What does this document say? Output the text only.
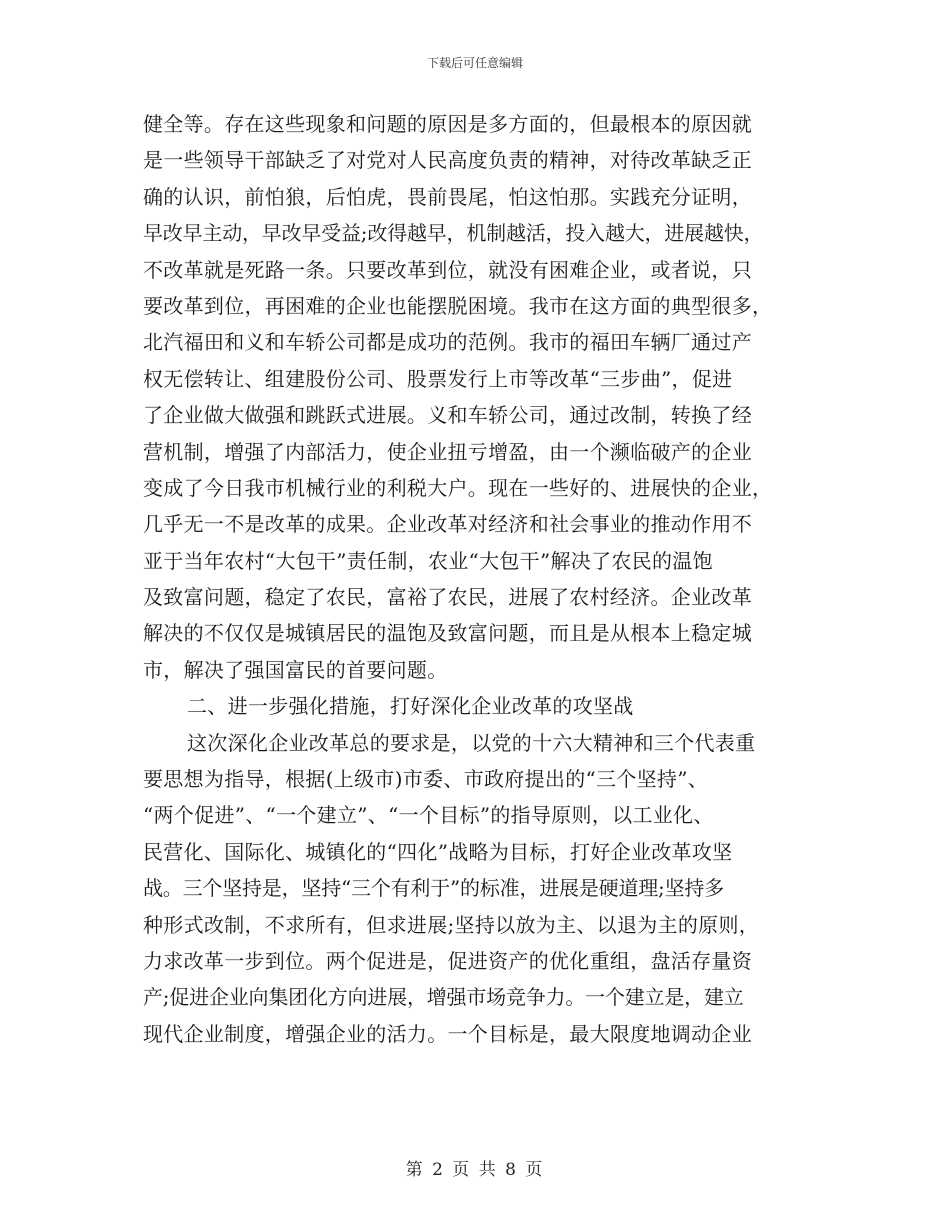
下载后可任意编辑
健全等。存在这些现象和问题的原因是多方面的，但最根本的原因就
是一些领导干部缺乏了对党对人民高度负责的精神，对待改革缺乏正
确的认识，前怕狼，后怕虎，畏前畏尾，怕这怕那。实践充分证明，
早改早主动，早改早受益;改得越早，机制越活，投入越大，进展越快，
不改革就是死路一条。只要改革到位，就没有困难企业，或者说，只
要改革到位，再困难的企业也能摆脱困境。我市在这方面的典型很多，
北汽福田和义和车轿公司都是成功的范例。我市的福田车辆厂通过产
权无偿转让、组建股份公司、股票发行上市等改革“三步曲”，促进
了企业做大做强和跳跃式进展。义和车轿公司，通过改制，转换了经
营机制，增强了内部活力，使企业扭亏增盈，由一个濒临破产的企业
变成了今日我市机械行业的利税大户。现在一些好的、进展快的企业，
几乎无一不是改革的成果。企业改革对经济和社会事业的推动作用不
亚于当年农村“大包干”责任制，农业“大包干”解决了农民的温饱
及致富问题，稳定了农民，富裕了农民，进展了农村经济。企业改革
解决的不仅仅是城镇居民的温饱及致富问题，而且是从根本上稳定城
市，解决了强国富民的首要问题。
二、进一步强化措施，打好深化企业改革的攻坚战
这次深化企业改革总的要求是，以党的十六大精神和三个代表重
要思想为指导，根据(上级市)市委、市政府提出的“三个坚持”、
“两个促进”、“一个建立”、“一个目标”的指导原则，以工业化、
民营化、国际化、城镇化的“四化”战略为目标，打好企业改革攻坚
战。三个坚持是，坚持“三个有利于”的标准，进展是硬道理;坚持多
种形式改制，不求所有，但求进展;坚持以放为主、以退为主的原则，
力求改革一步到位。两个促进是，促进资产的优化重组，盘活存量资
产;促进企业向集团化方向进展，增强市场竞争力。一个建立是，建立
现代企业制度，增强企业的活力。一个目标是，最大限度地调动企业
第 2 页 共 8 页
